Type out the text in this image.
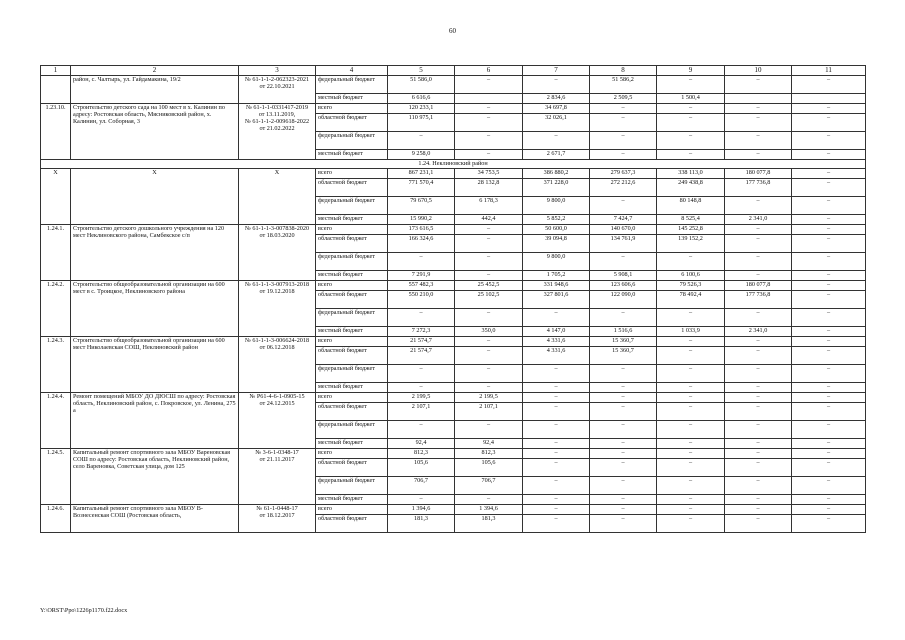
60
1	2	3	4	5	6	7	8	9	10	11
	район, с. Чалтырь, ул. Гайдамакина, 19/2	№ 61-1-1-2-062323-2021
от 22.10.2021	федеральный бюджет	51 586,0	–	–	51 586,2	–	–	–
			местный бюджет	6 616,6		2 834,6	2 509,5	1 500,4		
1.23.10.	Строительство детского сада на 100 мест в х. Калинин по адресу: Ростовская область, Мясниковский район, х. Калинин, ул. Соборная, 3	№ 61-1-1-0331417-2019
от 13.11.2019,
№ 61-1-1-2-009618-2022
от 21.02.2022	всего	120 233,1	–	34 697,8	–	–	–	–
			областной бюджет	110 975,1	–	32 026,1	–	–	–	–
			федеральный бюджет	–	–	–	–	–	–	–
			местный бюджет	9 258,0	–	2 671,7	–	–	–	–
1.24. Неклиновский район										
Х	Х	Х	всего	867 231,1	34 753,5	386 880,2	279 637,3	338 113,0	180 077,8	–
			областной бюджет	771 570,4	28 132,8	371 228,0	272 212,6	249 438,8	177 736,8	–
			федеральный бюджет	79 670,5	6 178,3	9 800,0	–	80 148,8	–	–
			местный бюджет	15 990,2	442,4	5 852,2	7 424,7	8 525,4	2 341,0	–
1.24.1.	Строительство детского дошкольного учреждения на 120 мест Неклиновского района, Самбекское с/п	№ 61-1-1-3-007838-2020
от 18.03.2020	всего	173 616,5	–	50 600,0	140 670,0	145 252,8	–	–
			областной бюджет	166 324,6	–	39 094,8	134 761,9	139 152,2	–	–
			федеральный бюджет	–	–	9 800,0	–	–	–	–
			местный бюджет	7 291,9	–	1 705,2	5 908,1	6 100,6	–	–
1.24.2.	Строительство общеобразовательной организации на 600 мест в с. Троицкое, Неклиновского района	№ 61-1-1-3-007913-2018
от 19.12.2018	всего	557 482,3	25 452,5	331 948,6	123 606,6	79 526,3	180 077,8	–
			областной бюджет	550 210,0	25 102,5	327 801,6	122 090,0	78 492,4	177 736,8	–
			федеральный бюджет	–	–	–	–	–	–	–
			местный бюджет	7 272,3	350,0	4 147,0	1 516,6	1 033,9	2 341,0	–
1.24.3.	Строительство общеобразовательной организации на 600 мест Николаевская СОШ, Неклиновский район	№ 61-1-1-3-006624-2018
от 06.12.2018	всего	21 574,7	–	4 331,6	15 360,7	–	–	–
			областной бюджет	21 574,7	–	4 331,6	15 360,7	–	–	–
			федеральный бюджет	–	–	–	–	–	–	–
			местный бюджет	–	–	–	–	–	–	–
1.24.4.	Ремонт помещений МБОУ ДО ДЮСШ по адресу: Ростовская область, Неклиновский район, с. Покровское, ул. Ленина, 275 а	№ Р61-4-6-1-0905-15
от 24.12.2015	всего	2 199,5	2 199,5	–	–	–	–	–
			областной бюджет	2 107,1	2 107,1	–	–	–	–	–
			федеральный бюджет	–	–	–	–	–	–	–
			местный бюджет	92,4	92,4	–	–	–	–	–
1.24.5.	Капитальный ремонт спортивного зала МБОУ Вареновская СОШ по адресу: Ростовская область, Неклиновский район, село Вареновка, Советская улица, дом 125	№ 3-6-1-0348-17
от 21.11.2017	всего	812,3	812,3	–	–	–	–	–
			областной бюджет	105,6	105,6	–	–	–	–	–
			федеральный бюджет	706,7	706,7	–	–	–	–	–
			местный бюджет	–	–	–	–	–	–	–
1.24.6.	Капитальный ремонт спортивного зала МБОУ В-Вознесенская СОШ (Ростовская область,	№ 61-1-0448-17
от 18.12.2017	всего	1 394,6	1 394,6	–	–	–	–	–
			областной бюджет	181,3	181,3	–	–	–	–	–
Y:\ORST\Ppo\1226p1170.f22.docx
